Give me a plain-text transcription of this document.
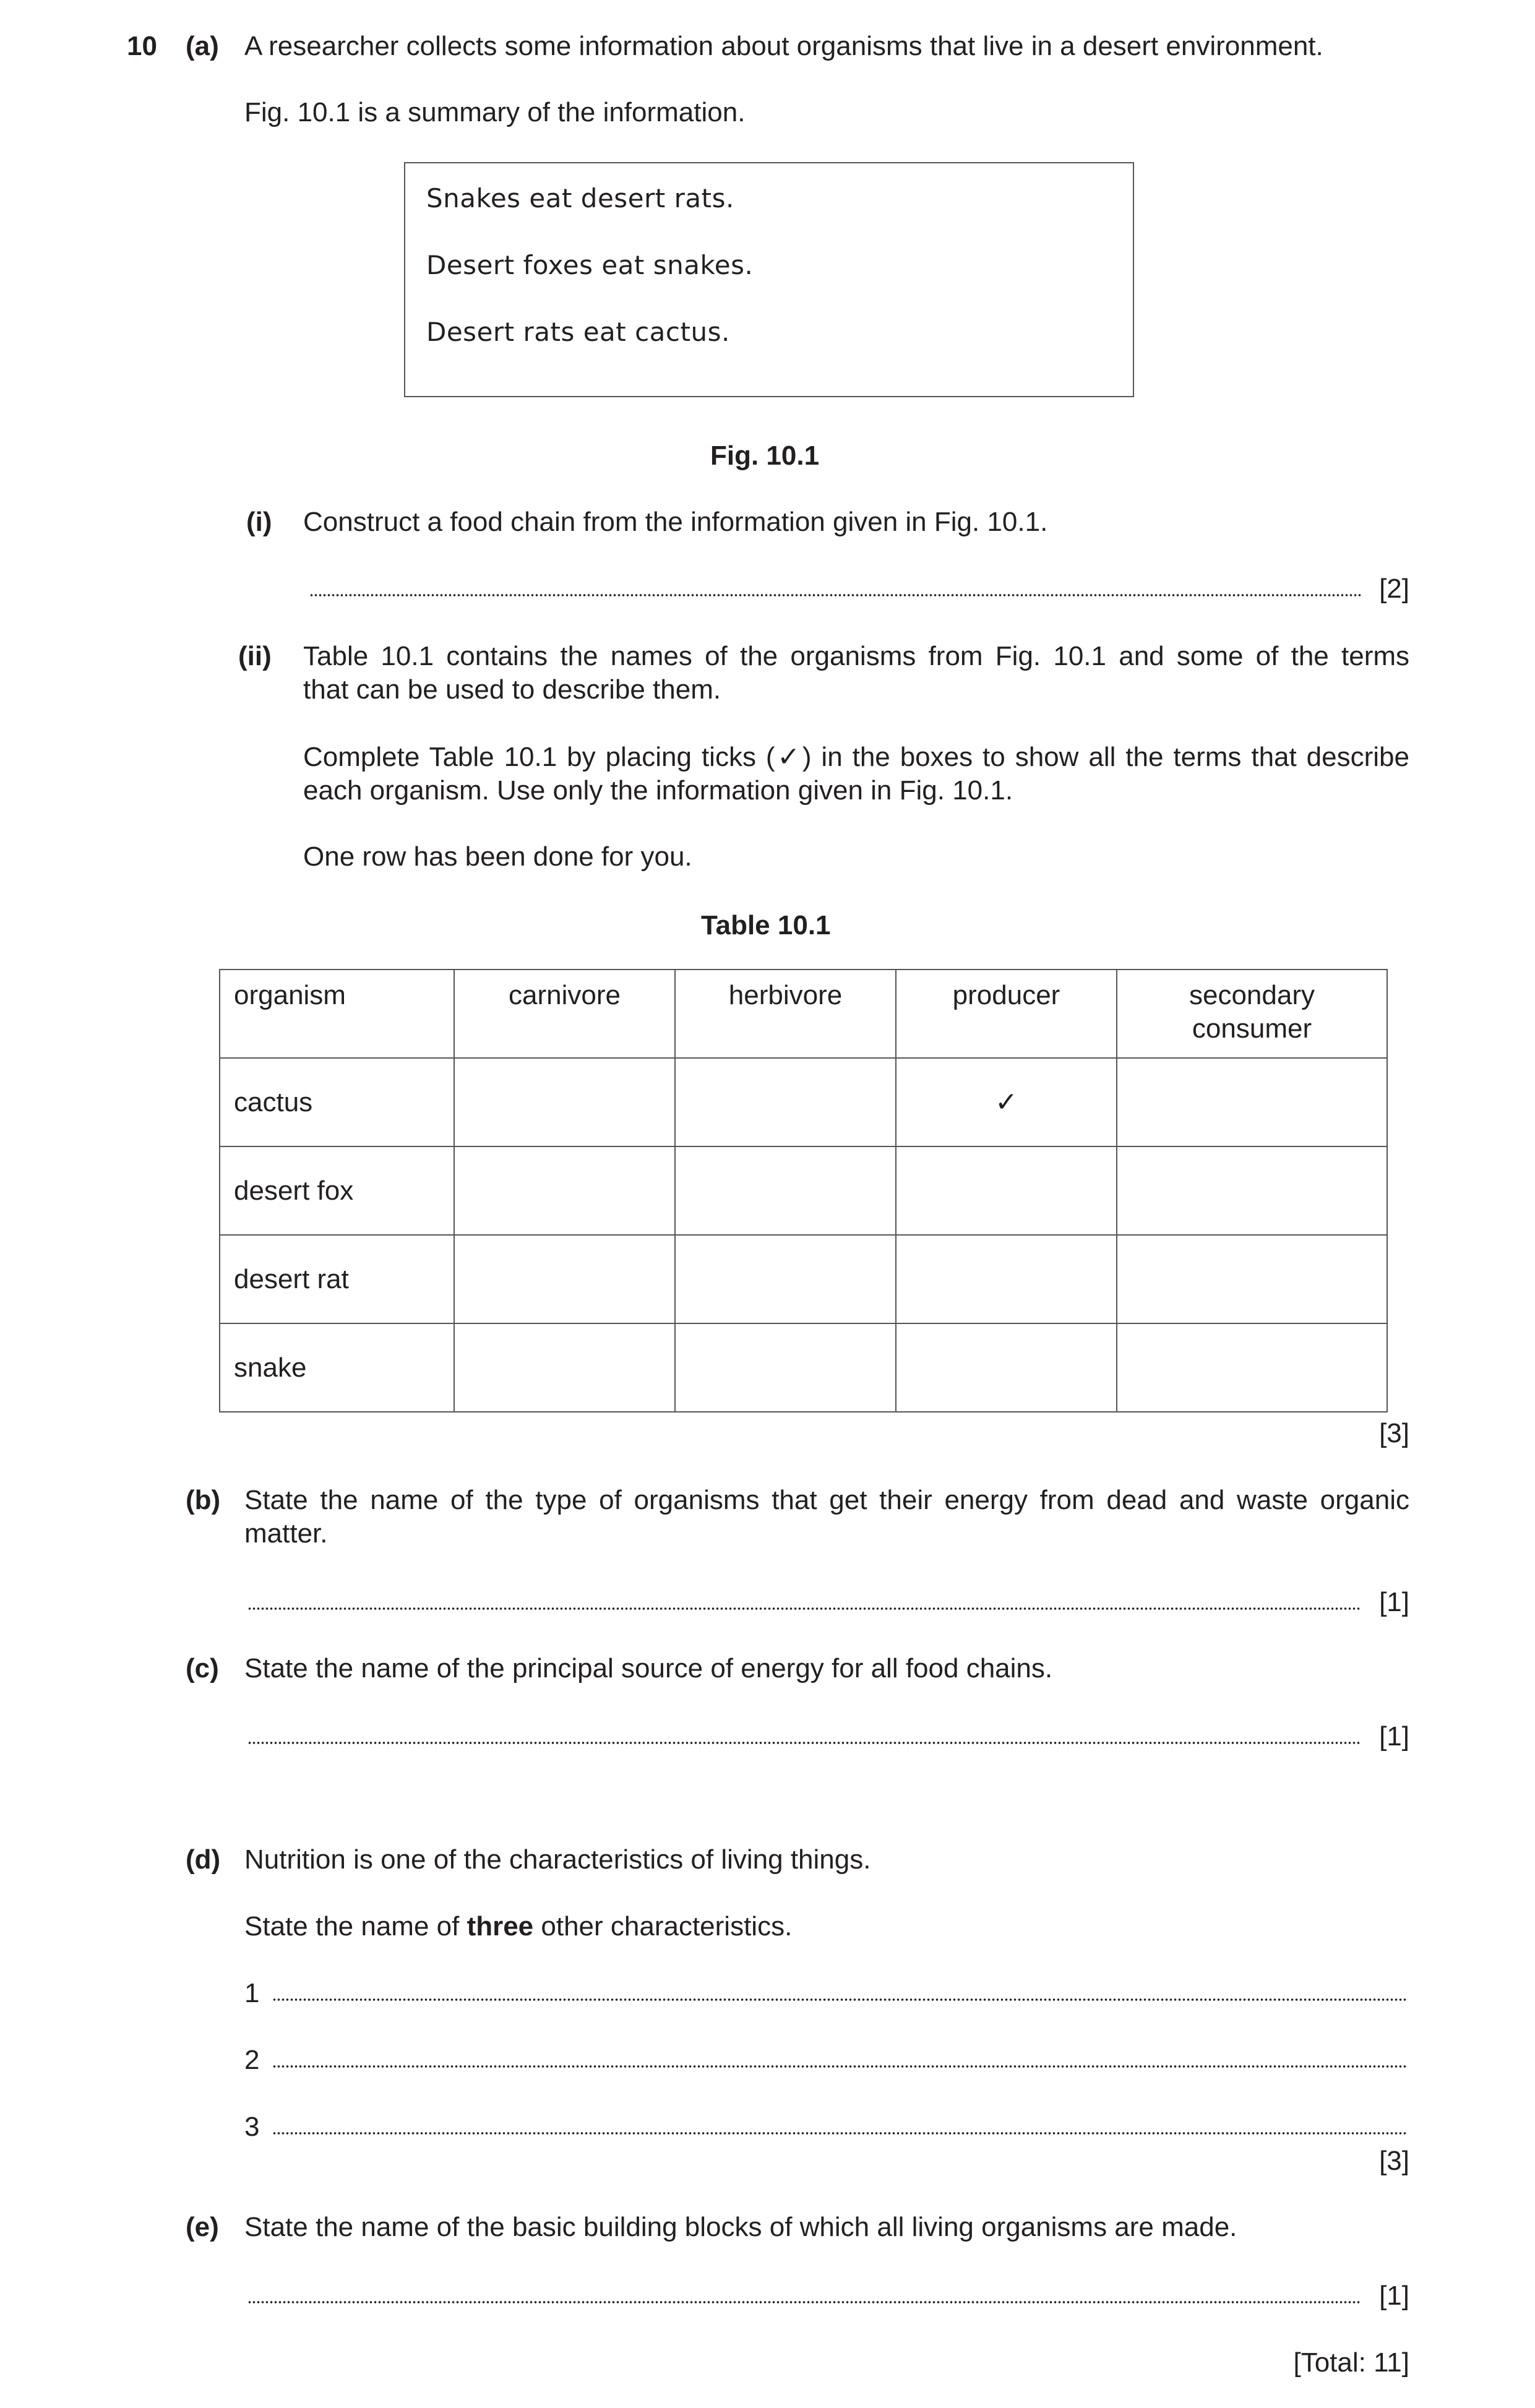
10 (a) A researcher collects some information about organisms that live in a desert environment.
Fig. 10.1 is a summary of the information.
Snakes eat desert rats.
Desert foxes eat snakes.
Desert rats eat cactus.
Fig. 10.1
(i) Construct a food chain from the information given in Fig. 10.1.
[2]
(ii) Table 10.1 contains the names of the organisms from Fig. 10.1 and some of the terms
that can be used to describe them.
Complete Table 10.1 by placing ticks (✓) in the boxes to show all the terms that describe
each organism. Use only the information given in Fig. 10.1.
One row has been done for you.
Table 10.1
organism	carnivore	herbivore	producer	secondary consumer
cactus			✓	
desert fox				
desert rat				
snake				
[3]
(b) State the name of the type of organisms that get their energy from dead and waste organic
matter.
[1]
(c) State the name of the principal source of energy for all food chains.
[1]
(d) Nutrition is one of the characteristics of living things.
State the name of three other characteristics.
1
2
3
[3]
(e) State the name of the basic building blocks of which all living organisms are made.
[1]
[Total: 11]
